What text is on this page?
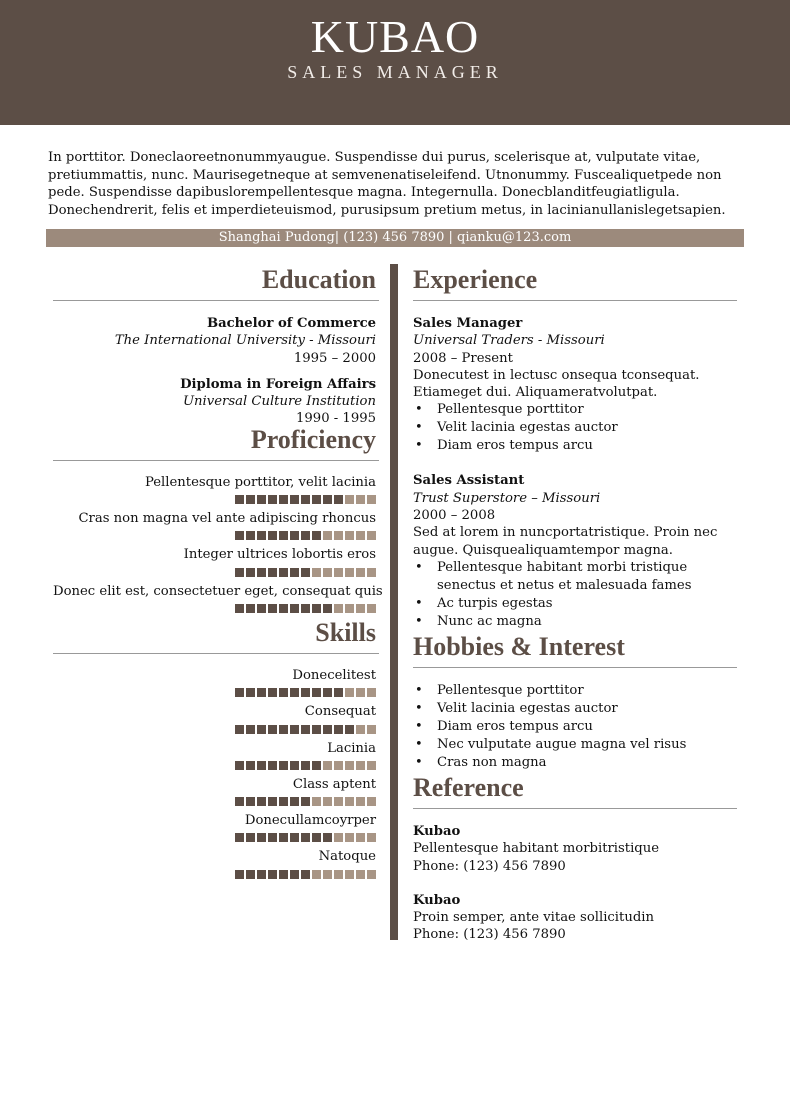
KUBAO
SALES MANAGER
In porttitor. Doneclaoreetnonummyaugue. Suspendisse dui purus, scelerisque at, vulputate vitae, pretiummattis, nunc. Maurisegetneque at semvenenatiseleifend. Utnonummy. Fuscealiquetpede non pede. Suspendisse dapibuslorempellentesque magna. Integernulla. Donecblanditfeugiatligula. Donechendrerit, felis et imperdieteuismod, purusipsum pretium metus, in lacinianullanislegetsapien.
Shanghai Pudong| (123) 456 7890 | qianku@123.com
Education
Bachelor of Commerce
The International University - Missouri
1995 – 2000
Diploma in Foreign Affairs
Universal Culture Institution
1990 - 1995
Proficiency
Pellentesque porttitor, velit lacinia
Cras non magna vel ante adipiscing rhoncus
Integer ultrices lobortis eros
Donec elit est, consectetuer eget, consequat quis
Skills
Donecelitest
Consequat
Lacinia
Class aptent
Donecullamcoyrper
Natoque
Experience
Sales Manager
Universal Traders - Missouri
2008 – Present
Donecutest in lectusc onsequa tconsequat. Etiameget dui. Aliquameratvolutpat.
• Pellentesque porttitor
• Velit lacinia egestas auctor
• Diam eros tempus arcu
Sales Assistant
Trust Superstore – Missouri
2000 – 2008
Sed at lorem in nuncportatristique. Proin nec augue. Quisquealiquamtempor magna.
• Pellentesque habitant morbi tristique senectus et netus et malesuada fames
• Ac turpis egestas
• Nunc ac magna
Hobbies & Interest
• Pellentesque porttitor
• Velit lacinia egestas auctor
• Diam eros tempus arcu
• Nec vulputate augue magna vel risus
• Cras non magna
Reference
Kubao
Pellentesque habitant morbitristique
Phone: (123) 456 7890
Kubao
Proin semper, ante vitae sollicitudin
Phone: (123) 456 7890
